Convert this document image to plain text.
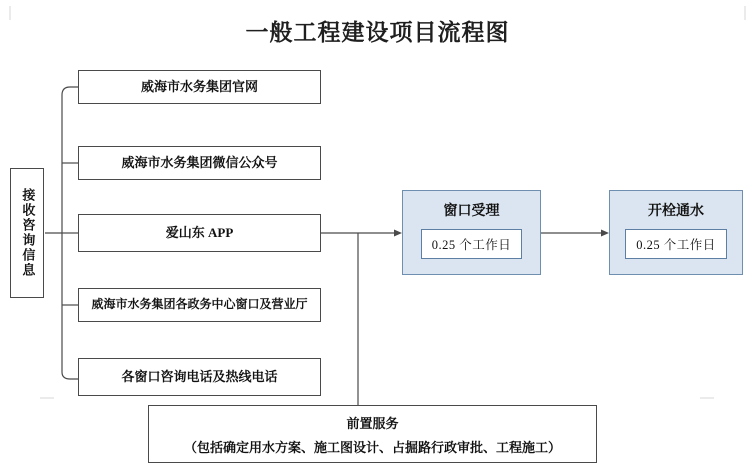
一般工程建设项目流程图
接收咨询信息
威海市水务集团官网
威海市水务集团微信公众号
爱山东 APP
威海市水务集团各政务中心窗口及营业厅
各窗口咨询电话及热线电话
窗口受理
0.25 个工作日
开栓通水
0.25 个工作日
前置服务
（包括确定用水方案、施工图设计、占掘路行政审批、工程施工）
